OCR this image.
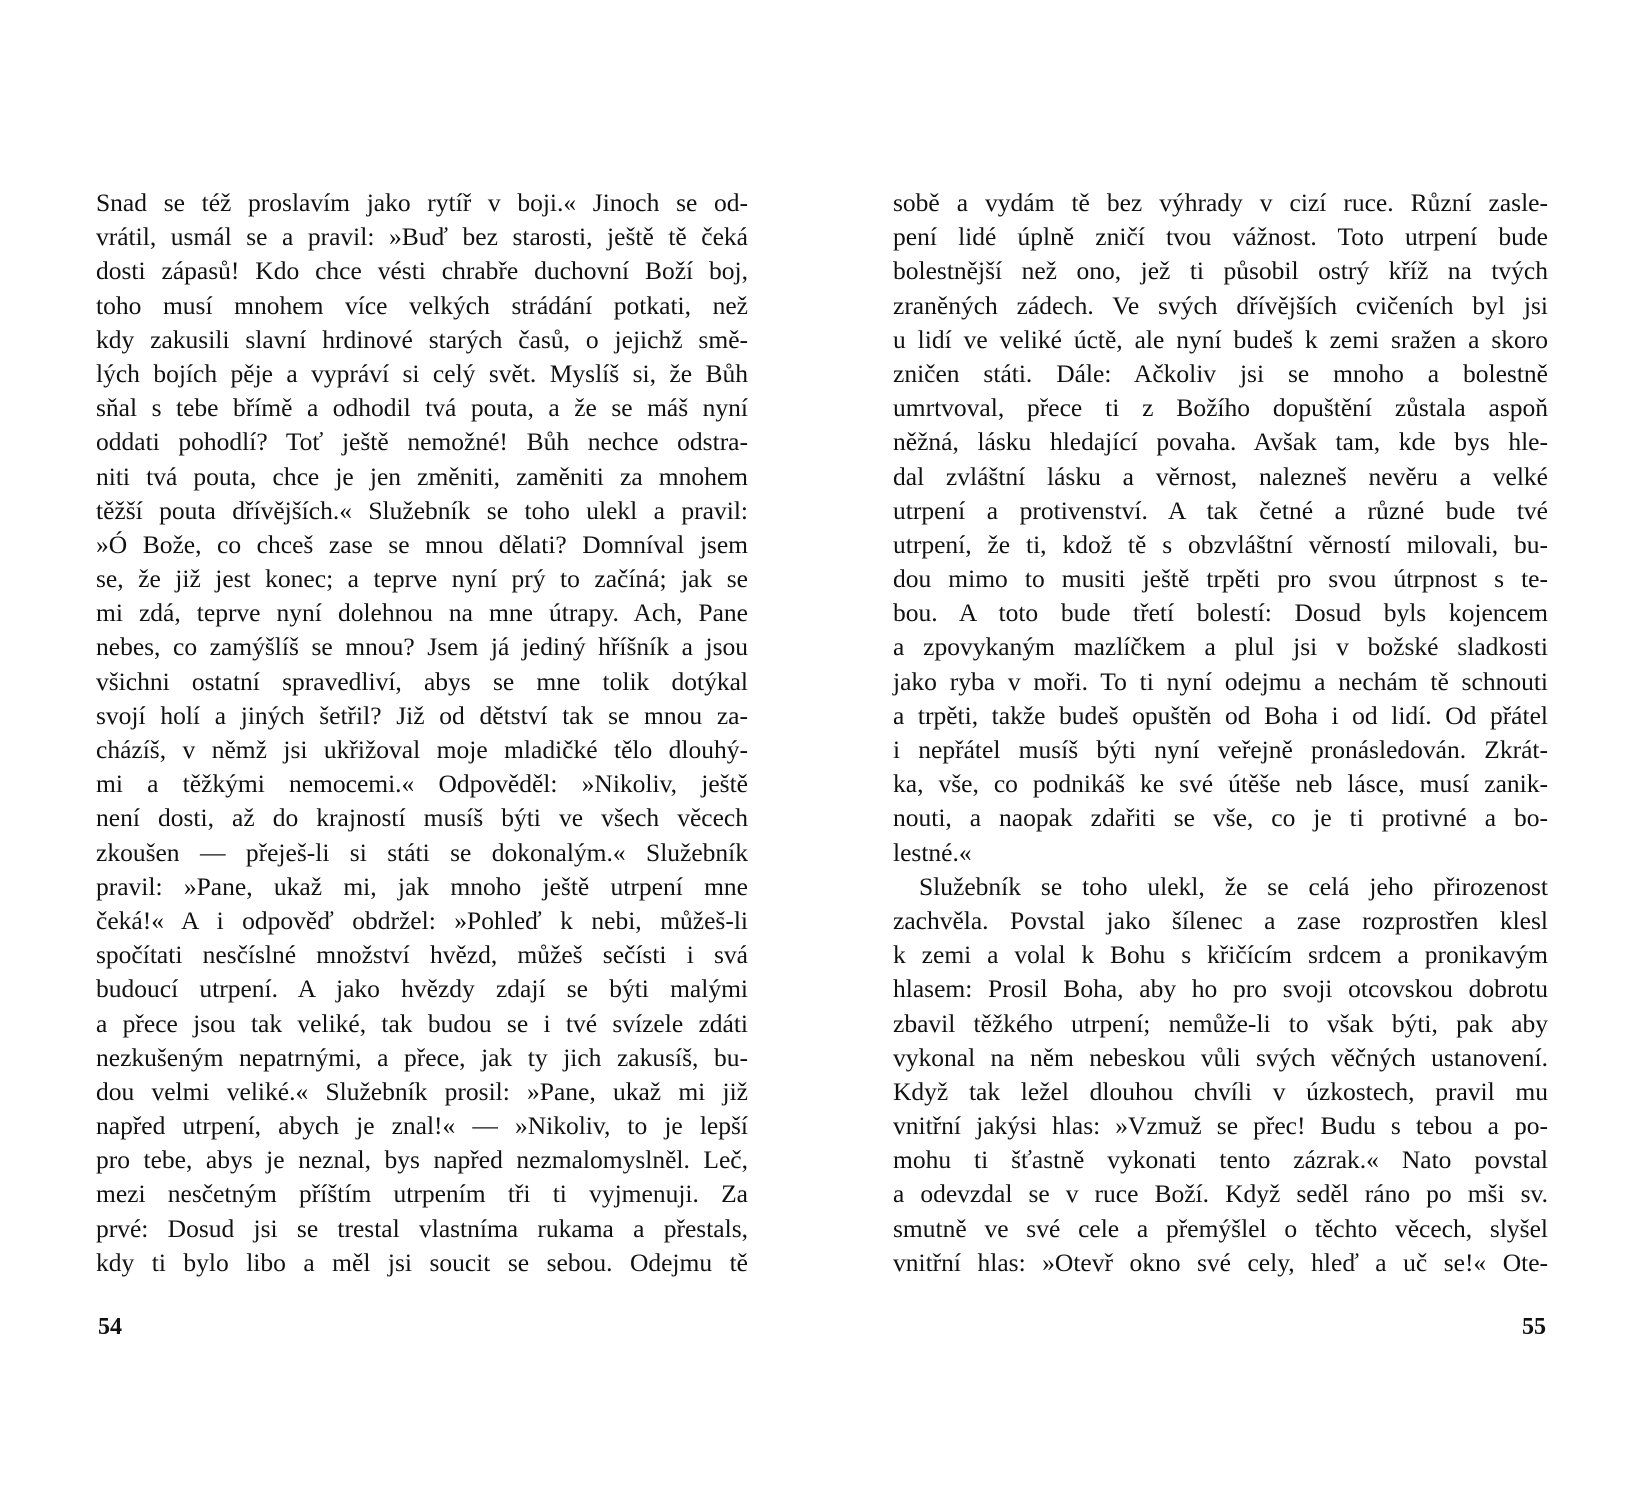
Snad se též proslavím jako rytíř v boji.« Jinoch se od-
vrátil, usmál se a pravil: »Buď bez starosti, ještě tě čeká
dosti zápasů! Kdo chce vésti chrabře duchovní Boží boj,
toho musí mnohem více velkých strádání potkati, než
kdy zakusili slavní hrdinové starých časů, o jejichž smě-
lých bojích pěje a vypráví si celý svět. Myslíš si, že Bůh
sňal s tebe břímě a odhodil tvá pouta, a že se máš nyní
oddati pohodlí? Toť ještě nemožné! Bůh nechce odstra-
niti tvá pouta, chce je jen změniti, zaměniti za mnohem
těžší pouta dřívějších.« Služebník se toho ulekl a pravil:
»Ó Bože, co chceš zase se mnou dělati? Domníval jsem
se, že již jest konec; a teprve nyní prý to začíná; jak se
mi zdá, teprve nyní dolehnou na mne útrapy. Ach, Pane
nebes, co zamýšlíš se mnou? Jsem já jediný hříšník a jsou
všichni ostatní spravedliví, abys se mne tolik dotýkal
svojí holí a jiných šetřil? Již od dětství tak se mnou za-
cházíš, v němž jsi ukřižoval moje mladičké tělo dlouhý-
mi a těžkými nemocemi.« Odpověděl: »Nikoliv, ještě
není dosti, až do krajností musíš býti ve všech věcech
zkoušen — přeješ-li si státi se dokonalým.« Služebník
pravil: »Pane, ukaž mi, jak mnoho ještě utrpení mne
čeká!« A i odpověď obdržel: »Pohleď k nebi, můžeš-li
spočítati nesčíslné množství hvězd, můžeš sečísti i svá
budoucí utrpení. A jako hvězdy zdají se býti malými
a přece jsou tak veliké, tak budou se i tvé svízele zdáti
nezkušeným nepatrnými, a přece, jak ty jich zakusíš, bu-
dou velmi veliké.« Služebník prosil: »Pane, ukaž mi již
napřed utrpení, abych je znal!« — »Nikoliv, to je lepší
pro tebe, abys je neznal, bys napřed nezmalomyslněl. Leč,
mezi nesčetným příštím utrpením tři ti vyjmenuji. Za
prvé: Dosud jsi se trestal vlastníma rukama a přestals,
kdy ti bylo libo a měl jsi soucit se sebou. Odejmu tě
54
sobě a vydám tě bez výhrady v cizí ruce. Různí zasle-
pení lidé úplně zničí tvou vážnost. Toto utrpení bude
bolestnější než ono, jež ti působil ostrý kříž na tvých
zraněných zádech. Ve svých dřívějších cvičeních byl jsi
u lidí ve veliké úctě, ale nyní budeš k zemi sražen a skoro
zničen státi. Dále: Ačkoliv jsi se mnoho a bolestně
umrtvoval, přece ti z Božího dopuštění zůstala aspoň
něžná, lásku hledající povaha. Avšak tam, kde bys hle-
dal zvláštní lásku a věrnost, nalezneš nevěru a velké
utrpení a protivenství. A tak četné a různé bude tvé
utrpení, že ti, kdož tě s obzvláštní věrností milovali, bu-
dou mimo to musiti ještě trpěti pro svou útrpnost s te-
bou. A toto bude třetí bolestí: Dosud byls kojencem
a zpovykaným mazlíčkem a plul jsi v božské sladkosti
jako ryba v moři. To ti nyní odejmu a nechám tě schnouti
a trpěti, takže budeš opuštěn od Boha i od lidí. Od přátel
i nepřátel musíš býti nyní veřejně pronásledován. Zkrát-
ka, vše, co podnikáš ke své útěše neb lásce, musí zanik-
nouti, a naopak zdařiti se vše, co je ti protivné a bo-
lestné.«
Služebník se toho ulekl, že se celá jeho přirozenost
zachvěla. Povstal jako šílenec a zase rozprostřen klesl
k zemi a volal k Bohu s křičícím srdcem a pronikavým
hlasem: Prosil Boha, aby ho pro svoji otcovskou dobrotu
zbavil těžkého utrpení; nemůže-li to však býti, pak aby
vykonal na něm nebeskou vůli svých věčných ustanovení.
Když tak ležel dlouhou chvíli v úzkostech, pravil mu
vnitřní jakýsi hlas: »Vzmuž se přec! Budu s tebou a po-
mohu ti šťastně vykonati tento zázrak.« Nato povstal
a odevzdal se v ruce Boží. Když seděl ráno po mši sv.
smutně ve své cele a přemýšlel o těchto věcech, slyšel
vnitřní hlas: »Otevř okno své cely, hleď a uč se!« Ote-
55
